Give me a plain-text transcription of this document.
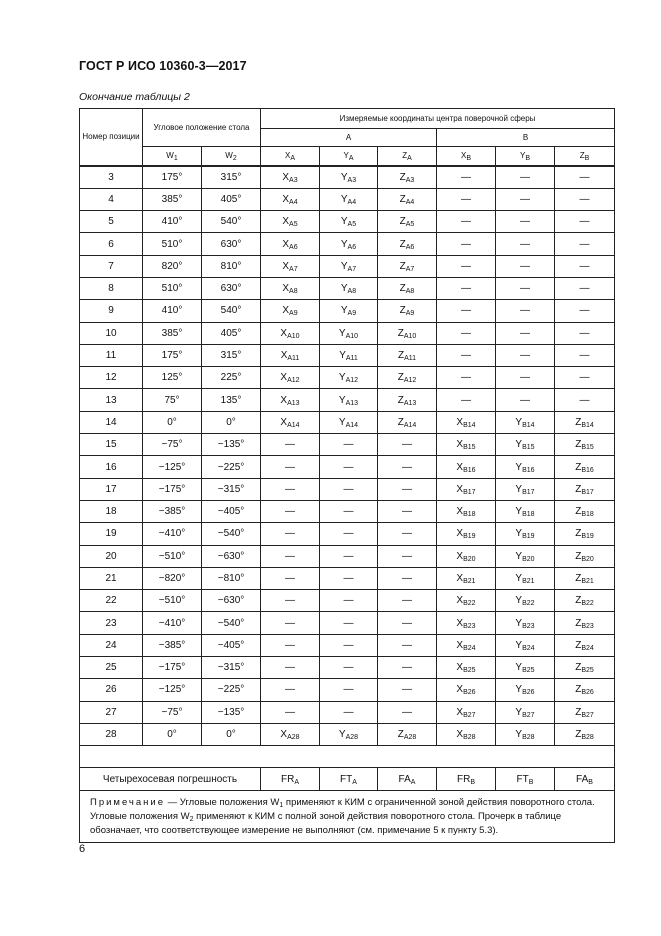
ГОСТ Р ИСО 10360-3—2017
Окончание таблицы 2
Номер позиции	Угловое положение стола		Измеряемые координаты центра поверочной сферы					
			A			B		
	$W_1$	$W_2$	$X_A$	$Y_A$	$Z_A$	$X_B$	$Y_B$	$Z_B$
3	175°	315°	$X_{A3}$	$Y_{A3}$	$Z_{A3}$	—	—	—
4	385°	405°	$X_{A4}$	$Y_{A4}$	$Z_{A4}$	—	—	—
5	410°	540°	$X_{A5}$	$Y_{A5}$	$Z_{A5}$	—	—	—
6	510°	630°	$X_{A6}$	$Y_{A6}$	$Z_{A6}$	—	—	—
7	820°	810°	$X_{A7}$	$Y_{A7}$	$Z_{A7}$	—	—	—
8	510°	630°	$X_{A8}$	$Y_{A8}$	$Z_{A8}$	—	—	—
9	410°	540°	$X_{A9}$	$Y_{A9}$	$Z_{A9}$	—	—	—
10	385°	405°	$X_{A10}$	$Y_{A10}$	$Z_{A10}$	—	—	—
11	175°	315°	$X_{A11}$	$Y_{A11}$	$Z_{A11}$	—	—	—
12	125°	225°	$X_{A12}$	$Y_{A12}$	$Z_{A12}$	—	—	—
13	75°	135°	$X_{A13}$	$Y_{A13}$	$Z_{A13}$	—	—	—
14	0°	0°	$X_{A14}$	$Y_{A14}$	$Z_{A14}$	$X_{B14}$	$Y_{B14}$	$Z_{B14}$
15	−75°	−135°	—	—	—	$X_{B15}$	$Y_{B15}$	$Z_{B15}$
16	−125°	−225°	—	—	—	$X_{B16}$	$Y_{B16}$	$Z_{B16}$
17	−175°	−315°	—	—	—	$X_{B17}$	$Y_{B17}$	$Z_{B17}$
18	−385°	−405°	—	—	—	$X_{B18}$	$Y_{B18}$	$Z_{B18}$
19	−410°	−540°	—	—	—	$X_{B19}$	$Y_{B19}$	$Z_{B19}$
20	−510°	−630°	—	—	—	$X_{B20}$	$Y_{B20}$	$Z_{B20}$
21	−820°	−810°	—	—	—	$X_{B21}$	$Y_{B21}$	$Z_{B21}$
22	−510°	−630°	—	—	—	$X_{B22}$	$Y_{B22}$	$Z_{B22}$
23	−410°	−540°	—	—	—	$X_{B23}$	$Y_{B23}$	$Z_{B23}$
24	−385°	−405°	—	—	—	$X_{B24}$	$Y_{B24}$	$Z_{B24}$
25	−175°	−315°	—	—	—	$X_{B25}$	$Y_{B25}$	$Z_{B25}$
26	−125°	−225°	—	—	—	$X_{B26}$	$Y_{B26}$	$Z_{B26}$
27	−75°	−135°	—	—	—	$X_{B27}$	$Y_{B27}$	$Z_{B27}$
28	0°	0°	$X_{A28}$	$Y_{A28}$	$Z_{A28}$	$X_{B28}$	$Y_{B28}$	$Z_{B28}$

Четырехосевая погрешность			$FR_A$	$FT_A$	$FA_A$	$FR_B$	$FT_B$	$FA_B$
Примечание — Угловые положения $W_1$ применяют к КИМ с ограниченной зоной действия поворотного стола. Угловые положения $W_2$ применяют к КИМ с полной зоной действия поворотного стола. Прочерк в таблице обозначает, что соответствующее измерение не выполняют (см. примечание 5 к пункту 5.3).								
6
